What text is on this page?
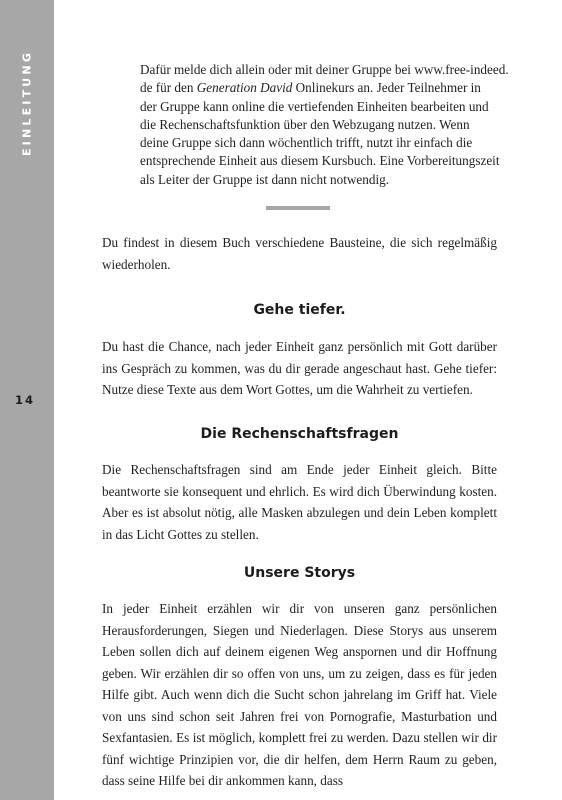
EINLEITUNG
14

Dafür melde dich allein oder mit deiner Gruppe bei www.free-indeed.
de für den Generation David Onlinekurs an. Jeder Teilnehmer in
der Gruppe kann online die vertiefenden Einheiten bearbeiten und
die Rechenschaftsfunktion über den Webzugang nutzen. Wenn
deine Gruppe sich dann wöchentlich trifft, nutzt ihr einfach die
entsprechende Einheit aus diesem Kursbuch. Eine Vorbereitungszeit
als Leiter der Gruppe ist dann nicht notwendig.

Du findest in diesem Buch verschiedene Bausteine, die sich regelmäßig wiederholen.

Gehe tiefer.

Du hast die Chance, nach jeder Einheit ganz persönlich mit Gott darüber ins Gespräch zu kommen, was du dir gerade angeschaut hast. Gehe tiefer: Nutze diese Texte aus dem Wort Gottes, um die Wahrheit zu vertiefen.

Die Rechenschaftsfragen

Die Rechenschaftsfragen sind am Ende jeder Einheit gleich. Bitte beantworte sie konsequent und ehrlich. Es wird dich Überwindung kosten. Aber es ist absolut nötig, alle Masken abzulegen und dein Leben komplett in das Licht Gottes zu stellen.

Unsere Storys

In jeder Einheit erzählen wir dir von unseren ganz persönlichen Herausforderungen, Siegen und Niederlagen. Diese Storys aus unserem Leben sollen dich auf deinem eigenen Weg anspornen und dir Hoffnung geben. Wir erzählen dir so offen von uns, um zu zeigen, dass es für jeden Hilfe gibt. Auch wenn dich die Sucht schon jahrelang im Griff hat. Viele von uns sind schon seit Jahren frei von Pornografie, Masturbation und Sexfantasien. Es ist möglich, komplett frei zu werden. Dazu stellen wir dir fünf wichtige Prinzipien vor, die dir helfen, dem Herrn Raum zu geben, dass seine Hilfe bei dir ankommen kann, dass
